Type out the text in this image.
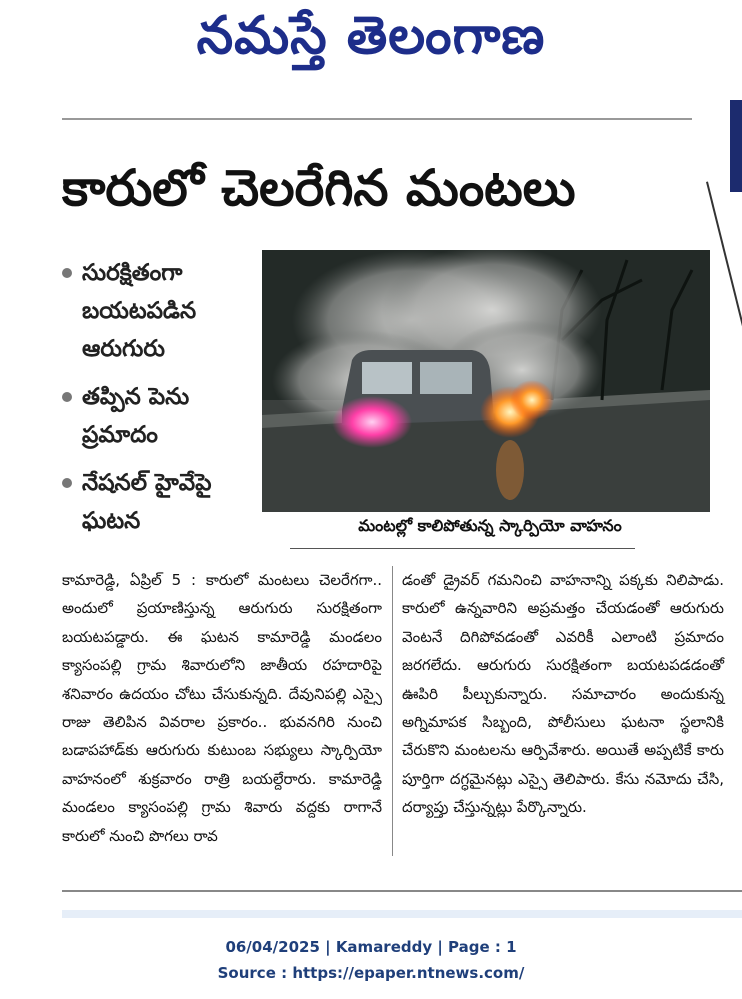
నమస్తే తెలంగాణ
కారులో చెలరేగిన మంటలు
సురక్షితంగా బయటపడిన ఆరుగురు
తప్పిన పెను ప్రమాదం
నేషనల్ హైవేపై ఘటన	మంటల్లో కాలిపోతున్న స్కార్పియో వాహనం
కామారెడ్డి, ఏప్రిల్ 5 : కారులో మంటలు చెలరేగగా.. అందులో ప్రయాణిస్తున్న ఆరుగురు సురక్షితంగా బయటపడ్డారు. ఈ ఘటన కామారెడ్డి మండలం క్యాసంపల్లి గ్రామ శివారులోని జాతీయ రహదారిపై శనివారం ఉదయం చోటు చేసుకున్నది. దేవునిపల్లి ఎస్సై రాజు తెలిపిన వివరాల ప్రకారం.. భువనగిరి నుంచి బడాపహాడ్‌కు ఆరుగురు కుటుంబ సభ్యులు స్కార్పియో వాహనంలో శుక్రవారం రాత్రి బయల్దేరారు. కామారెడ్డి మండలం క్యాసంపల్లి గ్రామ శివారు వద్దకు రాగానే కారులో నుంచి పొగలు రావ
డంతో డ్రైవర్ గమనించి వాహనాన్ని పక్కకు నిలిపాడు. కారులో ఉన్నవారిని అప్రమత్తం చేయడంతో ఆరుగురు వెంటనే దిగిపోవడంతో ఎవరికీ ఎలాంటి ప్రమాదం జరగలేదు. ఆరుగురు సురక్షితంగా బయటపడడంతో ఊపిరి పీల్చుకున్నారు. సమాచారం అందుకున్న అగ్నిమాపక సిబ్బంది, పోలీసులు ఘటనా స్థలానికి చేరుకొని మంటలను ఆర్పివేశారు. అయితే అప్పటికే కారు పూర్తిగా దగ్ధమైనట్లు ఎస్సై తెలిపారు. కేసు నమోదు చేసి, దర్యాప్తు చేస్తున్నట్లు పేర్కొన్నారు.
06/04/2025 | Kamareddy | Page : 1
Source : https://epaper.ntnews.com/
